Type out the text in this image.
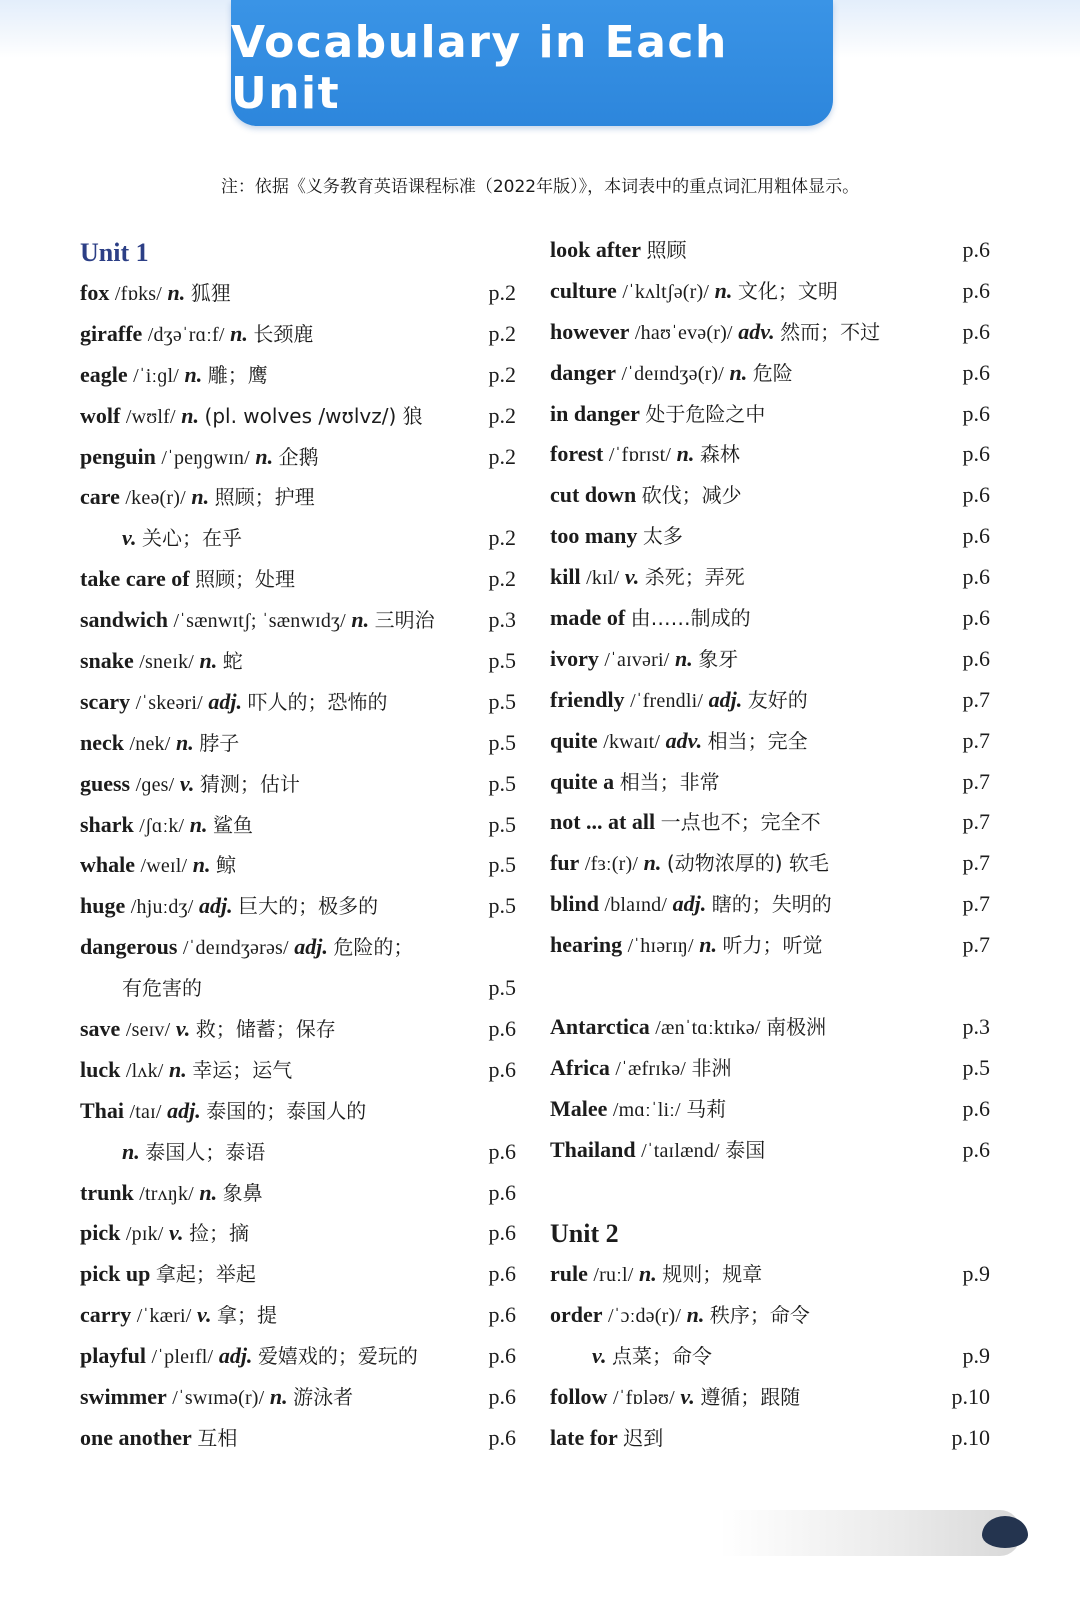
Vocabulary in Each Unit
注：依据《义务教育英语课程标准（2022年版）》，本词表中的重点词汇用粗体显示。
Unit 1
fox /fɒks/ n. 狐狸	p.2
giraffe /dʒəˈrɑːf/ n. 长颈鹿	p.2
eagle /ˈiːɡl/ n. 雕；鹰	p.2
wolf /wʊlf/ n. (pl. wolves /wʊlvz/) 狼	p.2
penguin /ˈpeŋɡwɪn/ n. 企鹅	p.2
care /keə(r)/ n. 照顾；护理
v. 关心；在乎	p.2
take care of 照顾；处理	p.2
sandwich /ˈsænwɪtʃ; ˈsænwɪdʒ/ n. 三明治 p.3
snake /sneɪk/ n. 蛇	p.5
scary /ˈskeəri/ adj. 吓人的；恐怖的	p.5
neck /nek/ n. 脖子	p.5
guess /ɡes/ v. 猜测；估计	p.5
shark /ʃɑːk/ n. 鲨鱼	p.5
whale /weɪl/ n. 鲸	p.5
huge /hjuːdʒ/ adj. 巨大的；极多的	p.5
dangerous /ˈdeɪndʒərəs/ adj. 危险的；
有危害的	p.5
save /seɪv/ v. 救；储蓄；保存	p.6
luck /lʌk/ n. 幸运；运气	p.6
Thai /taɪ/ adj. 泰国的；泰国人的
n. 泰国人；泰语	p.6
trunk /trʌŋk/ n. 象鼻	p.6
pick /pɪk/ v. 捡；摘	p.6
pick up 拿起；举起	p.6
carry /ˈkæri/ v. 拿；提	p.6
playful /ˈpleɪfl/ adj. 爱嬉戏的；爱玩的	p.6
swimmer /ˈswɪmə(r)/ n. 游泳者	p.6
one another 互相	p.6
look after 照顾	p.6
culture /ˈkʌltʃə(r)/ n. 文化；文明	p.6
however /haʊˈevə(r)/ adv. 然而；不过	p.6
danger /ˈdeɪndʒə(r)/ n. 危险	p.6
in danger 处于危险之中	p.6
forest /ˈfɒrɪst/ n. 森林	p.6
cut down 砍伐；减少	p.6
too many 太多	p.6
kill /kɪl/ v. 杀死；弄死	p.6
made of 由……制成的	p.6
ivory /ˈaɪvəri/ n. 象牙	p.6
friendly /ˈfrendli/ adj. 友好的	p.7
quite /kwaɪt/ adv. 相当；完全	p.7
quite a 相当；非常	p.7
not ... at all 一点也不；完全不	p.7
fur /fɜː(r)/ n. (动物浓厚的) 软毛	p.7
blind /blaɪnd/ adj. 瞎的；失明的	p.7
hearing /ˈhɪərɪŋ/ n. 听力；听觉	p.7
Antarctica /ænˈtɑːktɪkə/ 南极洲	p.3
Africa /ˈæfrɪkə/ 非洲	p.5
Malee /mɑːˈliː/ 马莉	p.6
Thailand /ˈtaɪlænd/ 泰国	p.6
Unit 2
rule /ruːl/ n. 规则；规章	p.9
order /ˈɔːdə(r)/ n. 秩序；命令
v. 点菜；命令	p.9
follow /ˈfɒləʊ/ v. 遵循；跟随	p.10
late for 迟到	p.10
